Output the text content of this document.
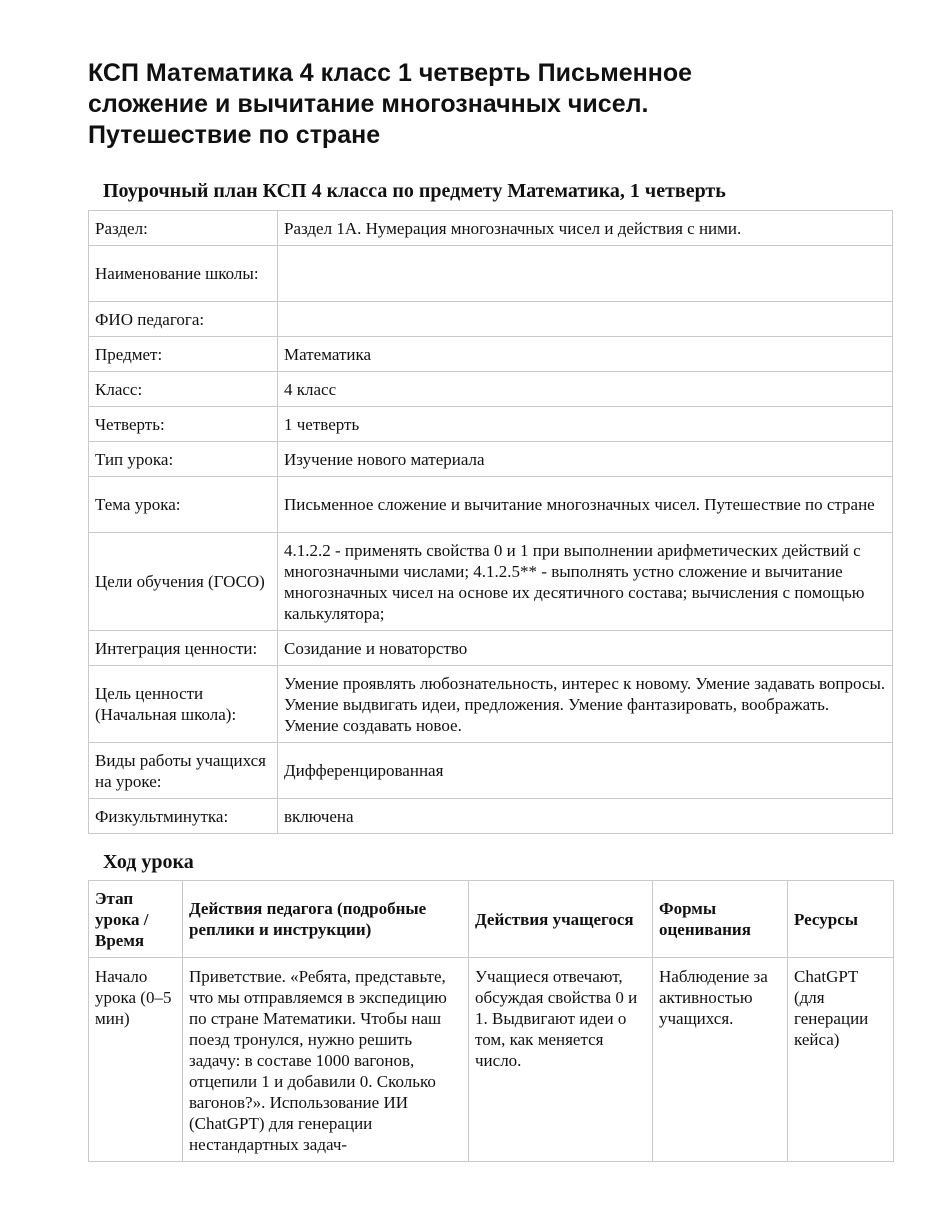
КСП Математика 4 класс 1 четверть Письменное сложение и вычитание многозначных чисел. Путешествие по стране
Поурочный план КСП 4 класса по предмету Математика, 1 четверть
Раздел:	Раздел 1А. Нумерация многозначных чисел и действия с ними.
Наименование школы:	
ФИО педагога:	
Предмет:	Математика
Класс:	4 класс
Четверть:	1 четверть
Тип урока:	Изучение нового материала
Тема урока:	Письменное сложение и вычитание многозначных чисел. Путешествие по стране
Цели обучения (ГОСО)	4.1.2.2 - применять свойства 0 и 1 при выполнении арифметических действий с многозначными числами; 4.1.2.5** - выполнять устно сложение и вычитание многозначных чисел на основе их десятичного состава; вычисления с помощью калькулятора;
Интеграция ценности:	Созидание и новаторство
Цель ценности (Начальная школа):	Умение проявлять любознательность, интерес к новому. Умение задавать вопросы. Умение выдвигать идеи, предложения. Умение фантазировать, воображать. Умение создавать новое.
Виды работы учащихся на уроке:	Дифференцированная
Физкультминутка:	включена
Ход урока
Этап урока / Время	Действия педагога (подробные реплики и инструкции)	Действия учащегося	Формы оценивания	Ресурсы
Начало урока (0–5 мин)	Приветствие. «Ребята, представьте, что мы отправляемся в экспедицию по стране Математики. Чтобы наш поезд тронулся, нужно решить задачу: в составе 1000 вагонов, отцепили 1 и добавили 0. Сколько вагонов?». Использование ИИ (ChatGPT) для генерации нестандартных задач-	Учащиеся отвечают, обсуждая свойства 0 и 1. Выдвигают идеи о том, как меняется число.	Наблюдение за активностью учащихся.	ChatGPT (для генерации кейса)
